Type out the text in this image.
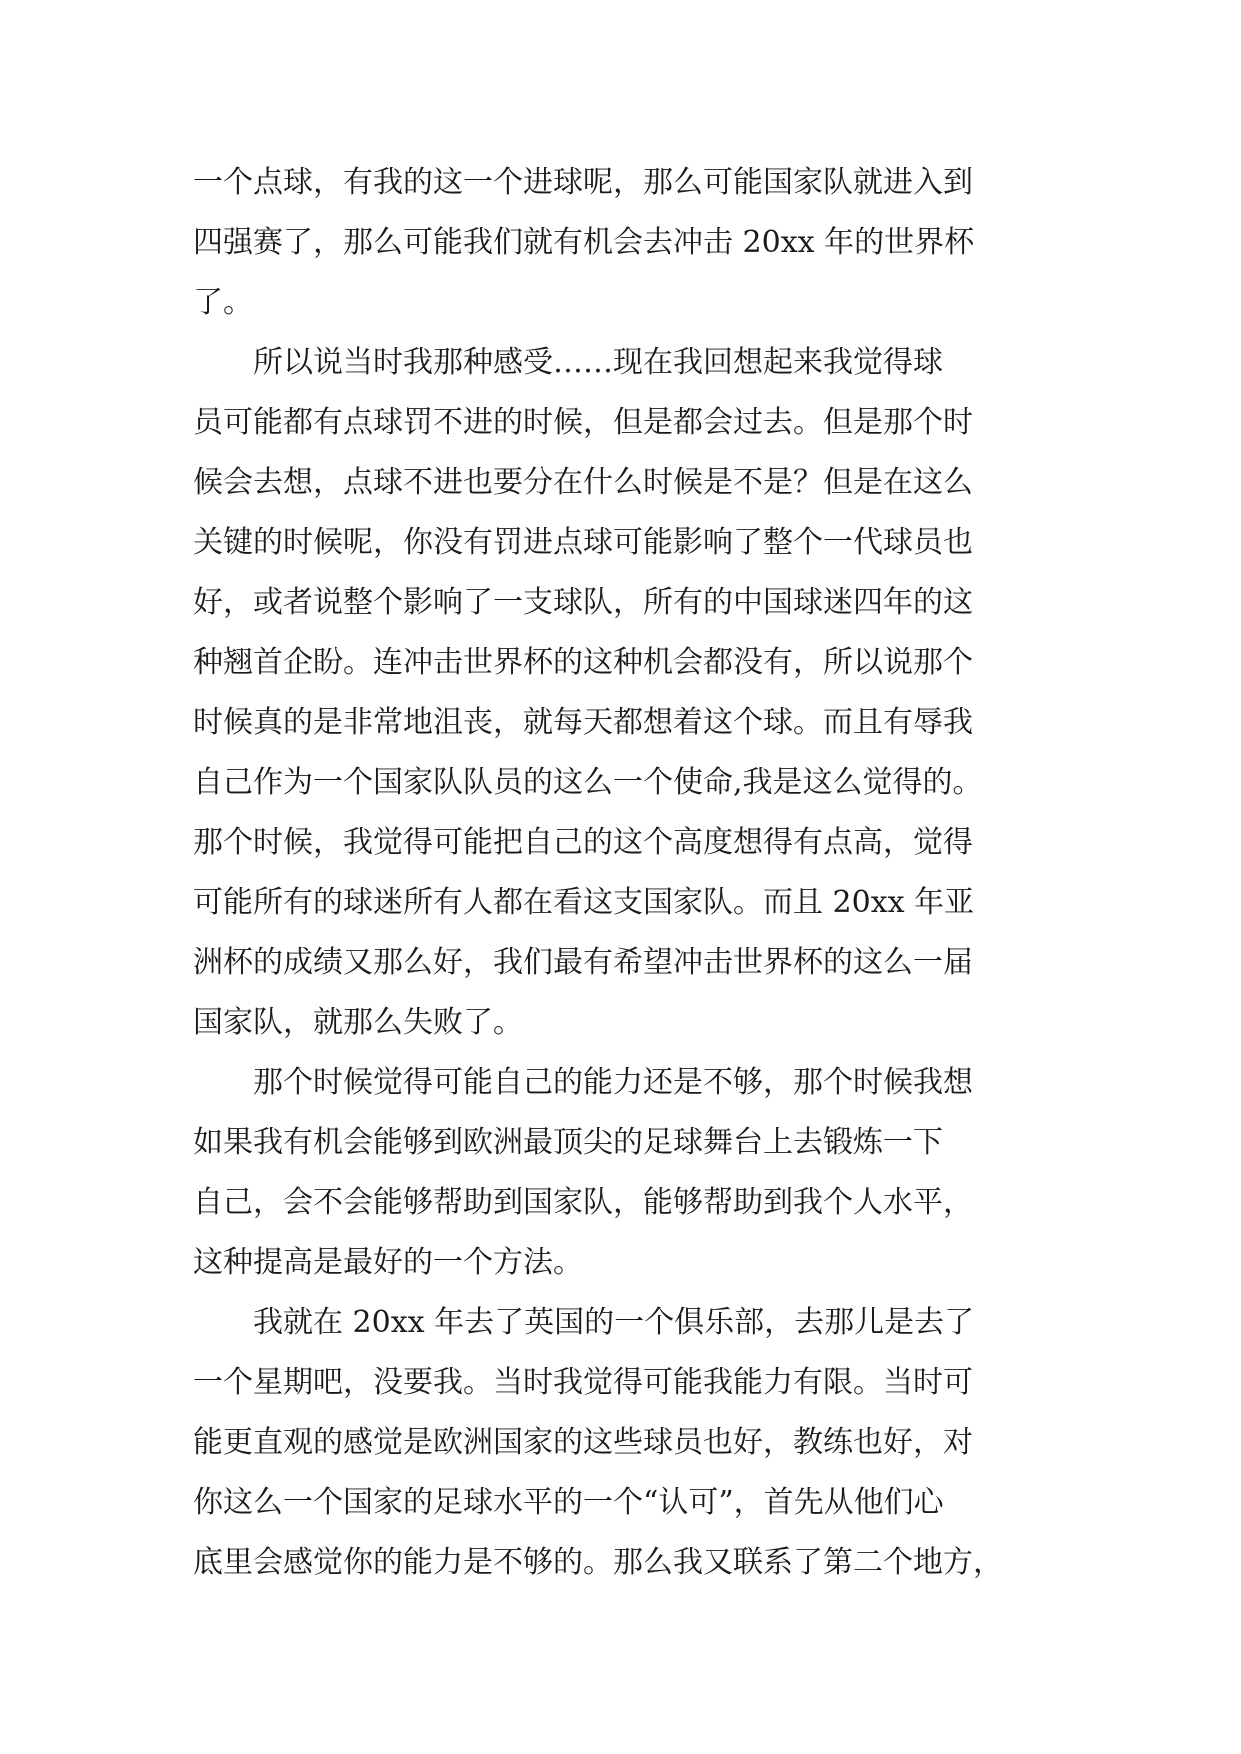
一个点球，有我的这一个进球呢，那么可能国家队就进入到
四强赛了，那么可能我们就有机会去冲击 20xx 年的世界杯
了。
所以说当时我那种感受……现在我回想起来我觉得球
员可能都有点球罚不进的时候，但是都会过去。但是那个时
候会去想，点球不进也要分在什么时候是不是？但是在这么
关键的时候呢，你没有罚进点球可能影响了整个一代球员也
好，或者说整个影响了一支球队，所有的中国球迷四年的这
种翘首企盼。连冲击世界杯的这种机会都没有，所以说那个
时候真的是非常地沮丧，就每天都想着这个球。而且有辱我
自己作为一个国家队队员的这么一个使命,我是这么觉得的。
那个时候，我觉得可能把自己的这个高度想得有点高，觉得
可能所有的球迷所有人都在看这支国家队。而且 20xx 年亚
洲杯的成绩又那么好，我们最有希望冲击世界杯的这么一届
国家队，就那么失败了。
那个时候觉得可能自己的能力还是不够，那个时候我想
如果我有机会能够到欧洲最顶尖的足球舞台上去锻炼一下
自己，会不会能够帮助到国家队，能够帮助到我个人水平，
这种提高是最好的一个方法。
我就在 20xx 年去了英国的一个俱乐部，去那儿是去了
一个星期吧，没要我。当时我觉得可能我能力有限。当时可
能更直观的感觉是欧洲国家的这些球员也好，教练也好，对
你这么一个国家的足球水平的一个“认可”，首先从他们心
底里会感觉你的能力是不够的。那么我又联系了第二个地方，
